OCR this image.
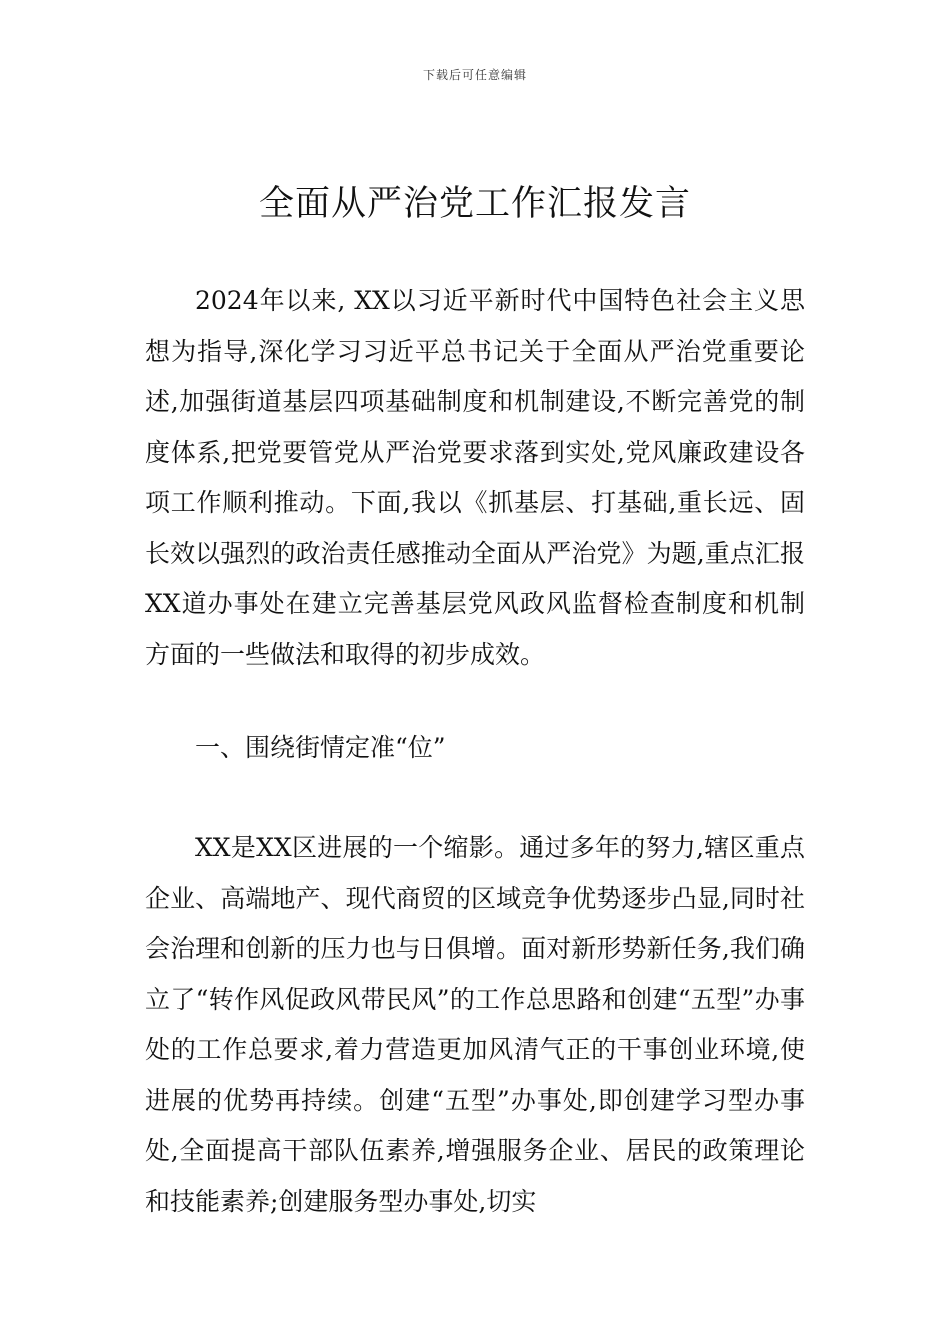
下载后可任意编辑
全面从严治党工作汇报发言

2024年以来, XX以习近平新时代中国特色社会主义思想为指导,深化学习习近平总书记关于全面从严治党重要论述,加强街道基层四项基础制度和机制建设,不断完善党的制度体系,把党要管党从严治党要求落到实处,党风廉政建设各项工作顺利推动。下面,我以《抓基层、打基础,重长远、固长效以强烈的政治责任感推动全面从严治党》为题,重点汇报XX道办事处在建立完善基层党风政风监督检查制度和机制方面的一些做法和取得的初步成效。

一、围绕街情定准“位”

XX是XX区进展的一个缩影。通过多年的努力,辖区重点企业、高端地产、现代商贸的区域竞争优势逐步凸显,同时社会治理和创新的压力也与日俱增。面对新形势新任务,我们确立了“转作风促政风带民风”的工作总思路和创建“五型”办事处的工作总要求,着力营造更加风清气正的干事创业环境,使进展的优势再持续。创建“五型”办事处,即创建学习型办事处,全面提高干部队伍素养,增强服务企业、居民的政策理论和技能素养;创建服务型办事处,切实
